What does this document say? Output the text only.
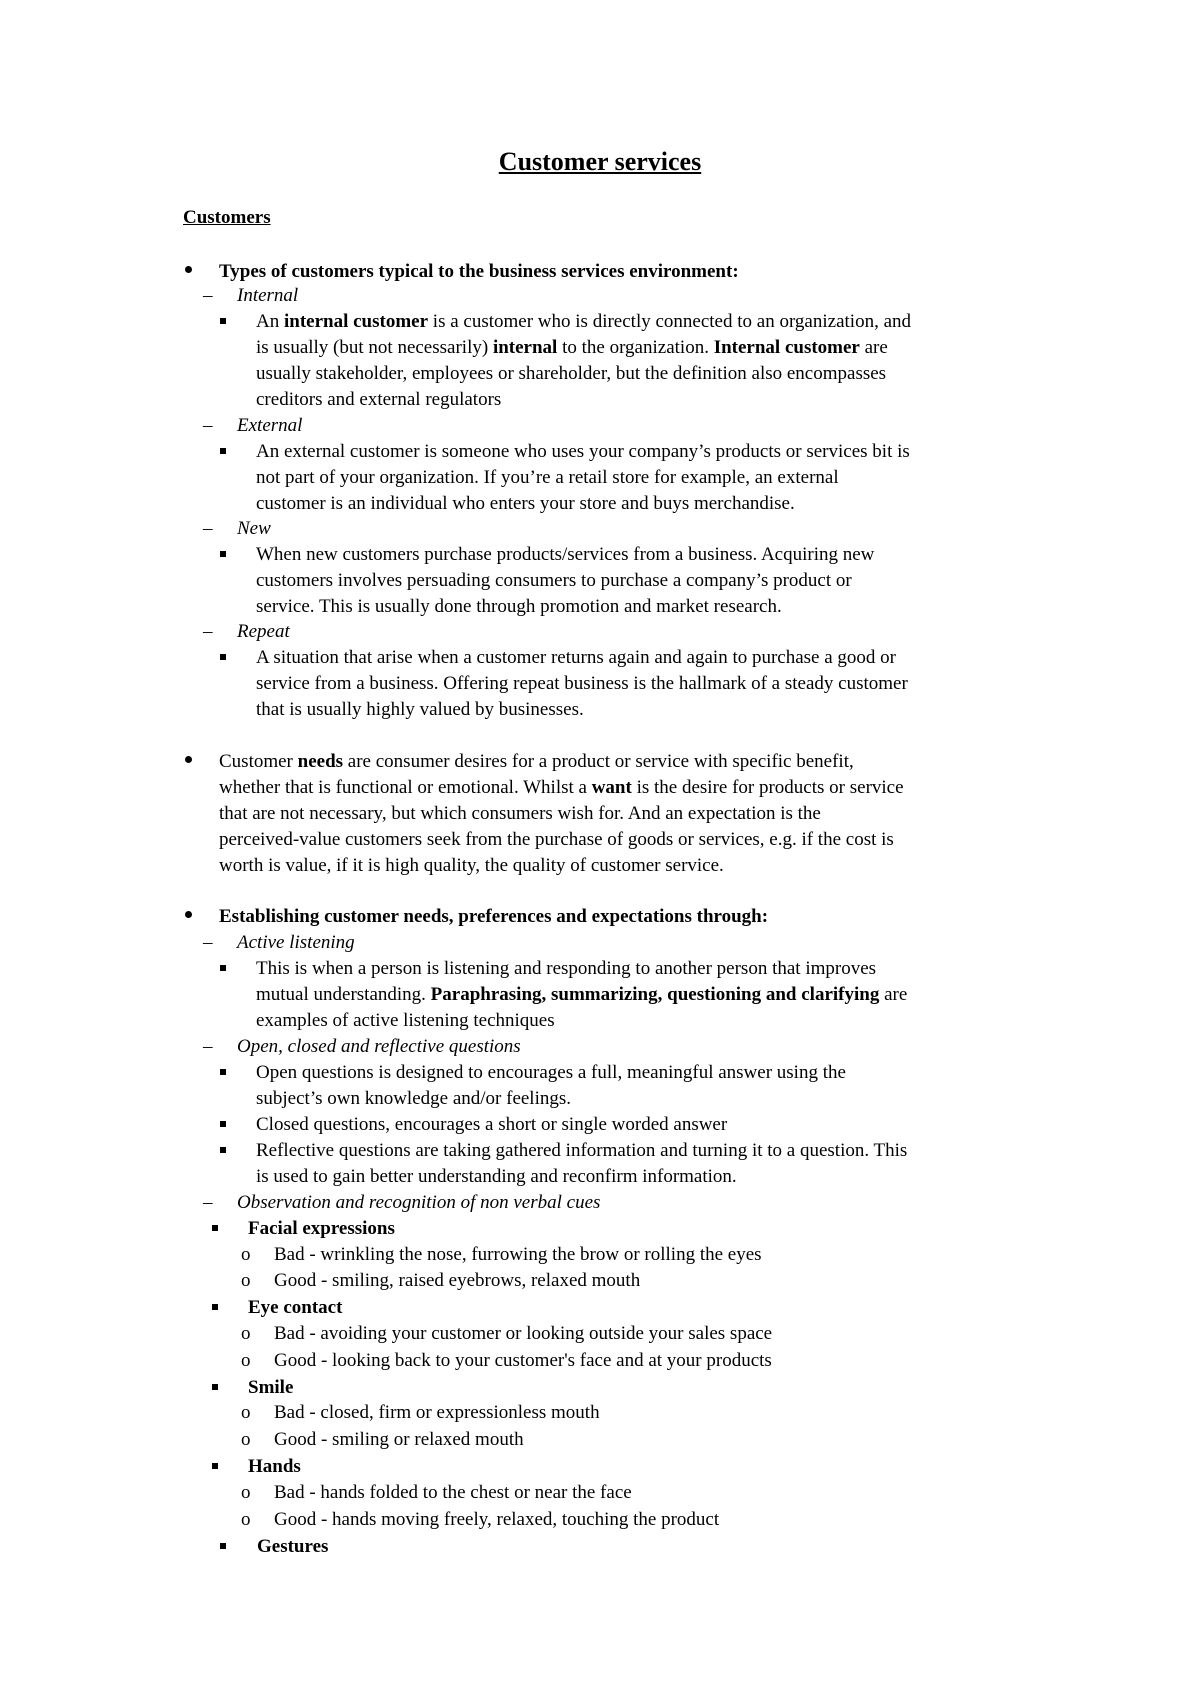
Customer services
Customers
Types of customers typical to the business services environment:
– Internal
An internal customer is a customer who is directly connected to an organization, and
is usually (but not necessarily) internal to the organization. Internal customer are
usually stakeholder, employees or shareholder, but the definition also encompasses
creditors and external regulators
– External
An external customer is someone who uses your company’s products or services bit is
not part of your organization. If you’re a retail store for example, an external
customer is an individual who enters your store and buys merchandise.
– New
When new customers purchase products/services from a business. Acquiring new
customers involves persuading consumers to purchase a company’s product or
service. This is usually done through promotion and market research.
– Repeat
A situation that arise when a customer returns again and again to purchase a good or
service from a business. Offering repeat business is the hallmark of a steady customer
that is usually highly valued by businesses.
Customer needs are consumer desires for a product or service with specific benefit,
whether that is functional or emotional. Whilst a want is the desire for products or service
that are not necessary, but which consumers wish for. And an expectation is the
perceived-value customers seek from the purchase of goods or services, e.g. if the cost is
worth is value, if it is high quality, the quality of customer service.
Establishing customer needs, preferences and expectations through:
– Active listening
This is when a person is listening and responding to another person that improves
mutual understanding. Paraphrasing, summarizing, questioning and clarifying are
examples of active listening techniques
– Open, closed and reflective questions
Open questions is designed to encourages a full, meaningful answer using the
subject’s own knowledge and/or feelings.
Closed questions, encourages a short or single worded answer
Reflective questions are taking gathered information and turning it to a question. This
is used to gain better understanding and reconfirm information.
– Observation and recognition of non verbal cues
Facial expressions
o Bad - wrinkling the nose, furrowing the brow or rolling the eyes
o Good - smiling, raised eyebrows, relaxed mouth
Eye contact
o Bad - avoiding your customer or looking outside your sales space
o Good - looking back to your customer's face and at your products
Smile
o Bad - closed, firm or expressionless mouth
o Good - smiling or relaxed mouth
Hands
o Bad - hands folded to the chest or near the face
o Good - hands moving freely, relaxed, touching the product
Gestures
